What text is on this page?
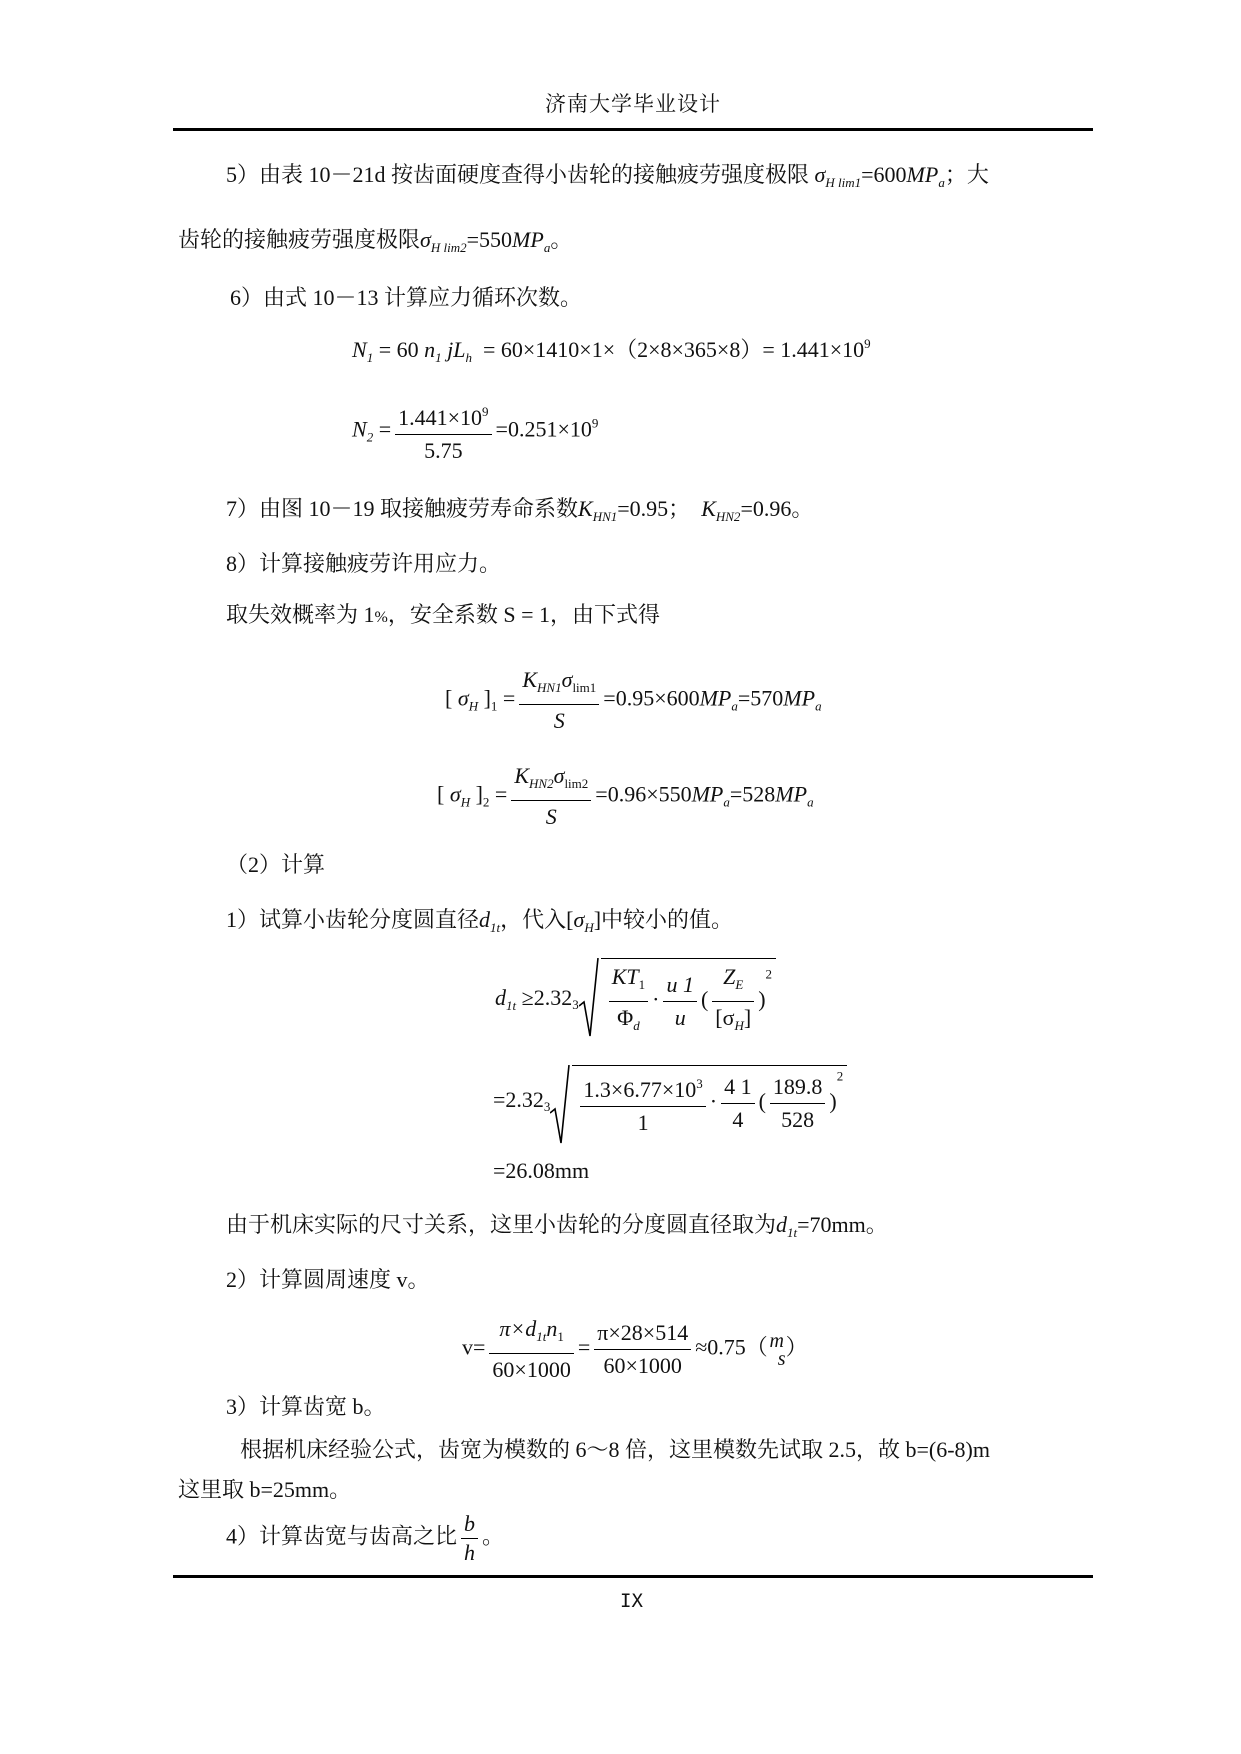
济南大学毕业设计
5）由表 10－21d 按齿面硬度查得小齿轮的接触疲劳强度极限 $\sigma_{H lim1}=600MP_a$；大
齿轮的接触疲劳强度极限$\sigma_{H lim2}=550MP_a$。
6）由式 10－13 计算应力循环次数。
$N_1 = 60$ $n_1$ $jL_h = 60\times 1410\times 1\times(2\times 8\times 365\times 8)= 1.441\times 10^9$
$N_2 = \frac{1.441\times 10^9}{5.75} =0.251\times 10^9$
7）由图 10－19 取接触疲劳寿命系数$K_{HN1}=0.95$； $K_{HN2}=0.96$。
8）计算接触疲劳许用应力。
取失效概率为 1%，安全系数 S = 1，由下式得
[ $\sigma_H$ ]$_1 = \frac{K_{HN1}\sigma_{lim1}}{S} =0.95\times 600MP_a=570MP_a$
[ $\sigma_H$ ]$_2 = \frac{K_{HN2}\sigma_{lim2}}{S} =0.96\times 550MP_a=528MP_a$
（2）计算
1）试算小齿轮分度圆直径$d_{1t}$，代入$[\sigma_H]$中较小的值。
$d_{1t} \ge 2.323 \frac{KT_1}{\Phi_d} \cdot \frac{u 1}{u}$ ( $\frac{Z_E}{[\sigma_H]} )^2$
$=2.323 \frac{1.3\times 6.77\times 10^3}{1} \cdot \frac{4 1}{4}$ ( $\frac{189.8}{528} )^2$
=26.08mm
由于机床实际的尺寸关系，这里小齿轮的分度圆直径取为$d_{1t}=70mm$。
2）计算圆周速度 v。
$v= \frac{\pi\times d_{1t}n_1}{60\times 1000} = \frac{\pi\times 28\times 514}{60\times 1000} \approx 0.75$（ m
s ）
3）计算齿宽 b。
根据机床经验公式，齿宽为模数的 6～8 倍，这里模数先试取 2.5，故 b=(6-8)m
这里取 b=25mm。
4）计算齿宽与齿高之比 $\frac{b}{h}$ 。
IX
